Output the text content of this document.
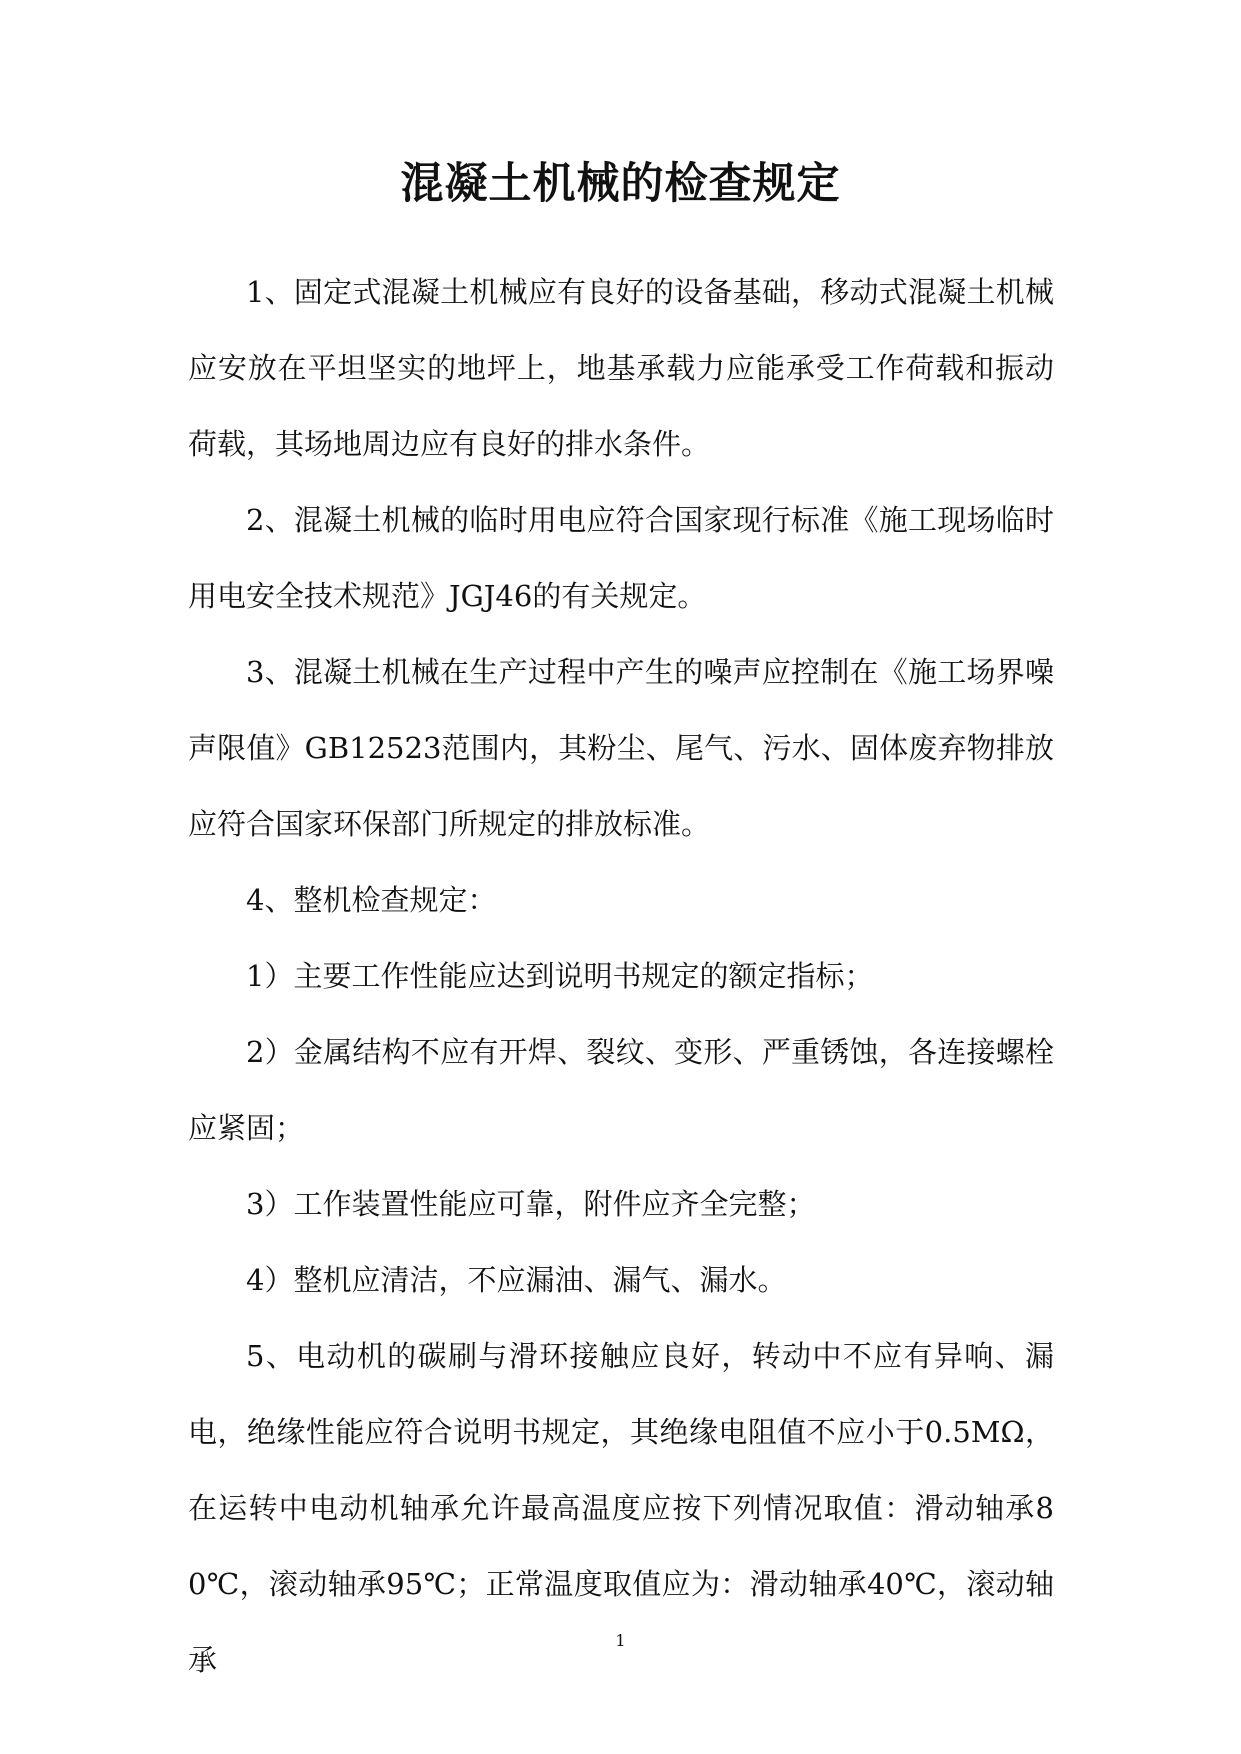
混凝土机械的检查规定

1、固定式混凝土机械应有良好的设备基础，移动式混凝土机械应安放在平坦坚实的地坪上，地基承载力应能承受工作荷载和振动荷载，其场地周边应有良好的排水条件。

2、混凝土机械的临时用电应符合国家现行标准《施工现场临时用电安全技术规范》JGJ46的有关规定。

3、混凝土机械在生产过程中产生的噪声应控制在《施工场界噪声限值》GB12523范围内，其粉尘、尾气、污水、固体废弃物排放应符合国家环保部门所规定的排放标准。

4、整机检查规定：

1）主要工作性能应达到说明书规定的额定指标；

2）金属结构不应有开焊、裂纹、变形、严重锈蚀，各连接螺栓应紧固；

3）工作装置性能应可靠，附件应齐全完整；

4）整机应清洁，不应漏油、漏气、漏水。

5、电动机的碳刷与滑环接触应良好，转动中不应有异响、漏电，绝缘性能应符合说明书规定，其绝缘电阻值不应小于0.5MΩ，在运转中电动机轴承允许最高温度应按下列情况取值：滑动轴承80℃，滚动轴承95℃；正常温度取值应为：滑动轴承40℃，滚动轴承

1
